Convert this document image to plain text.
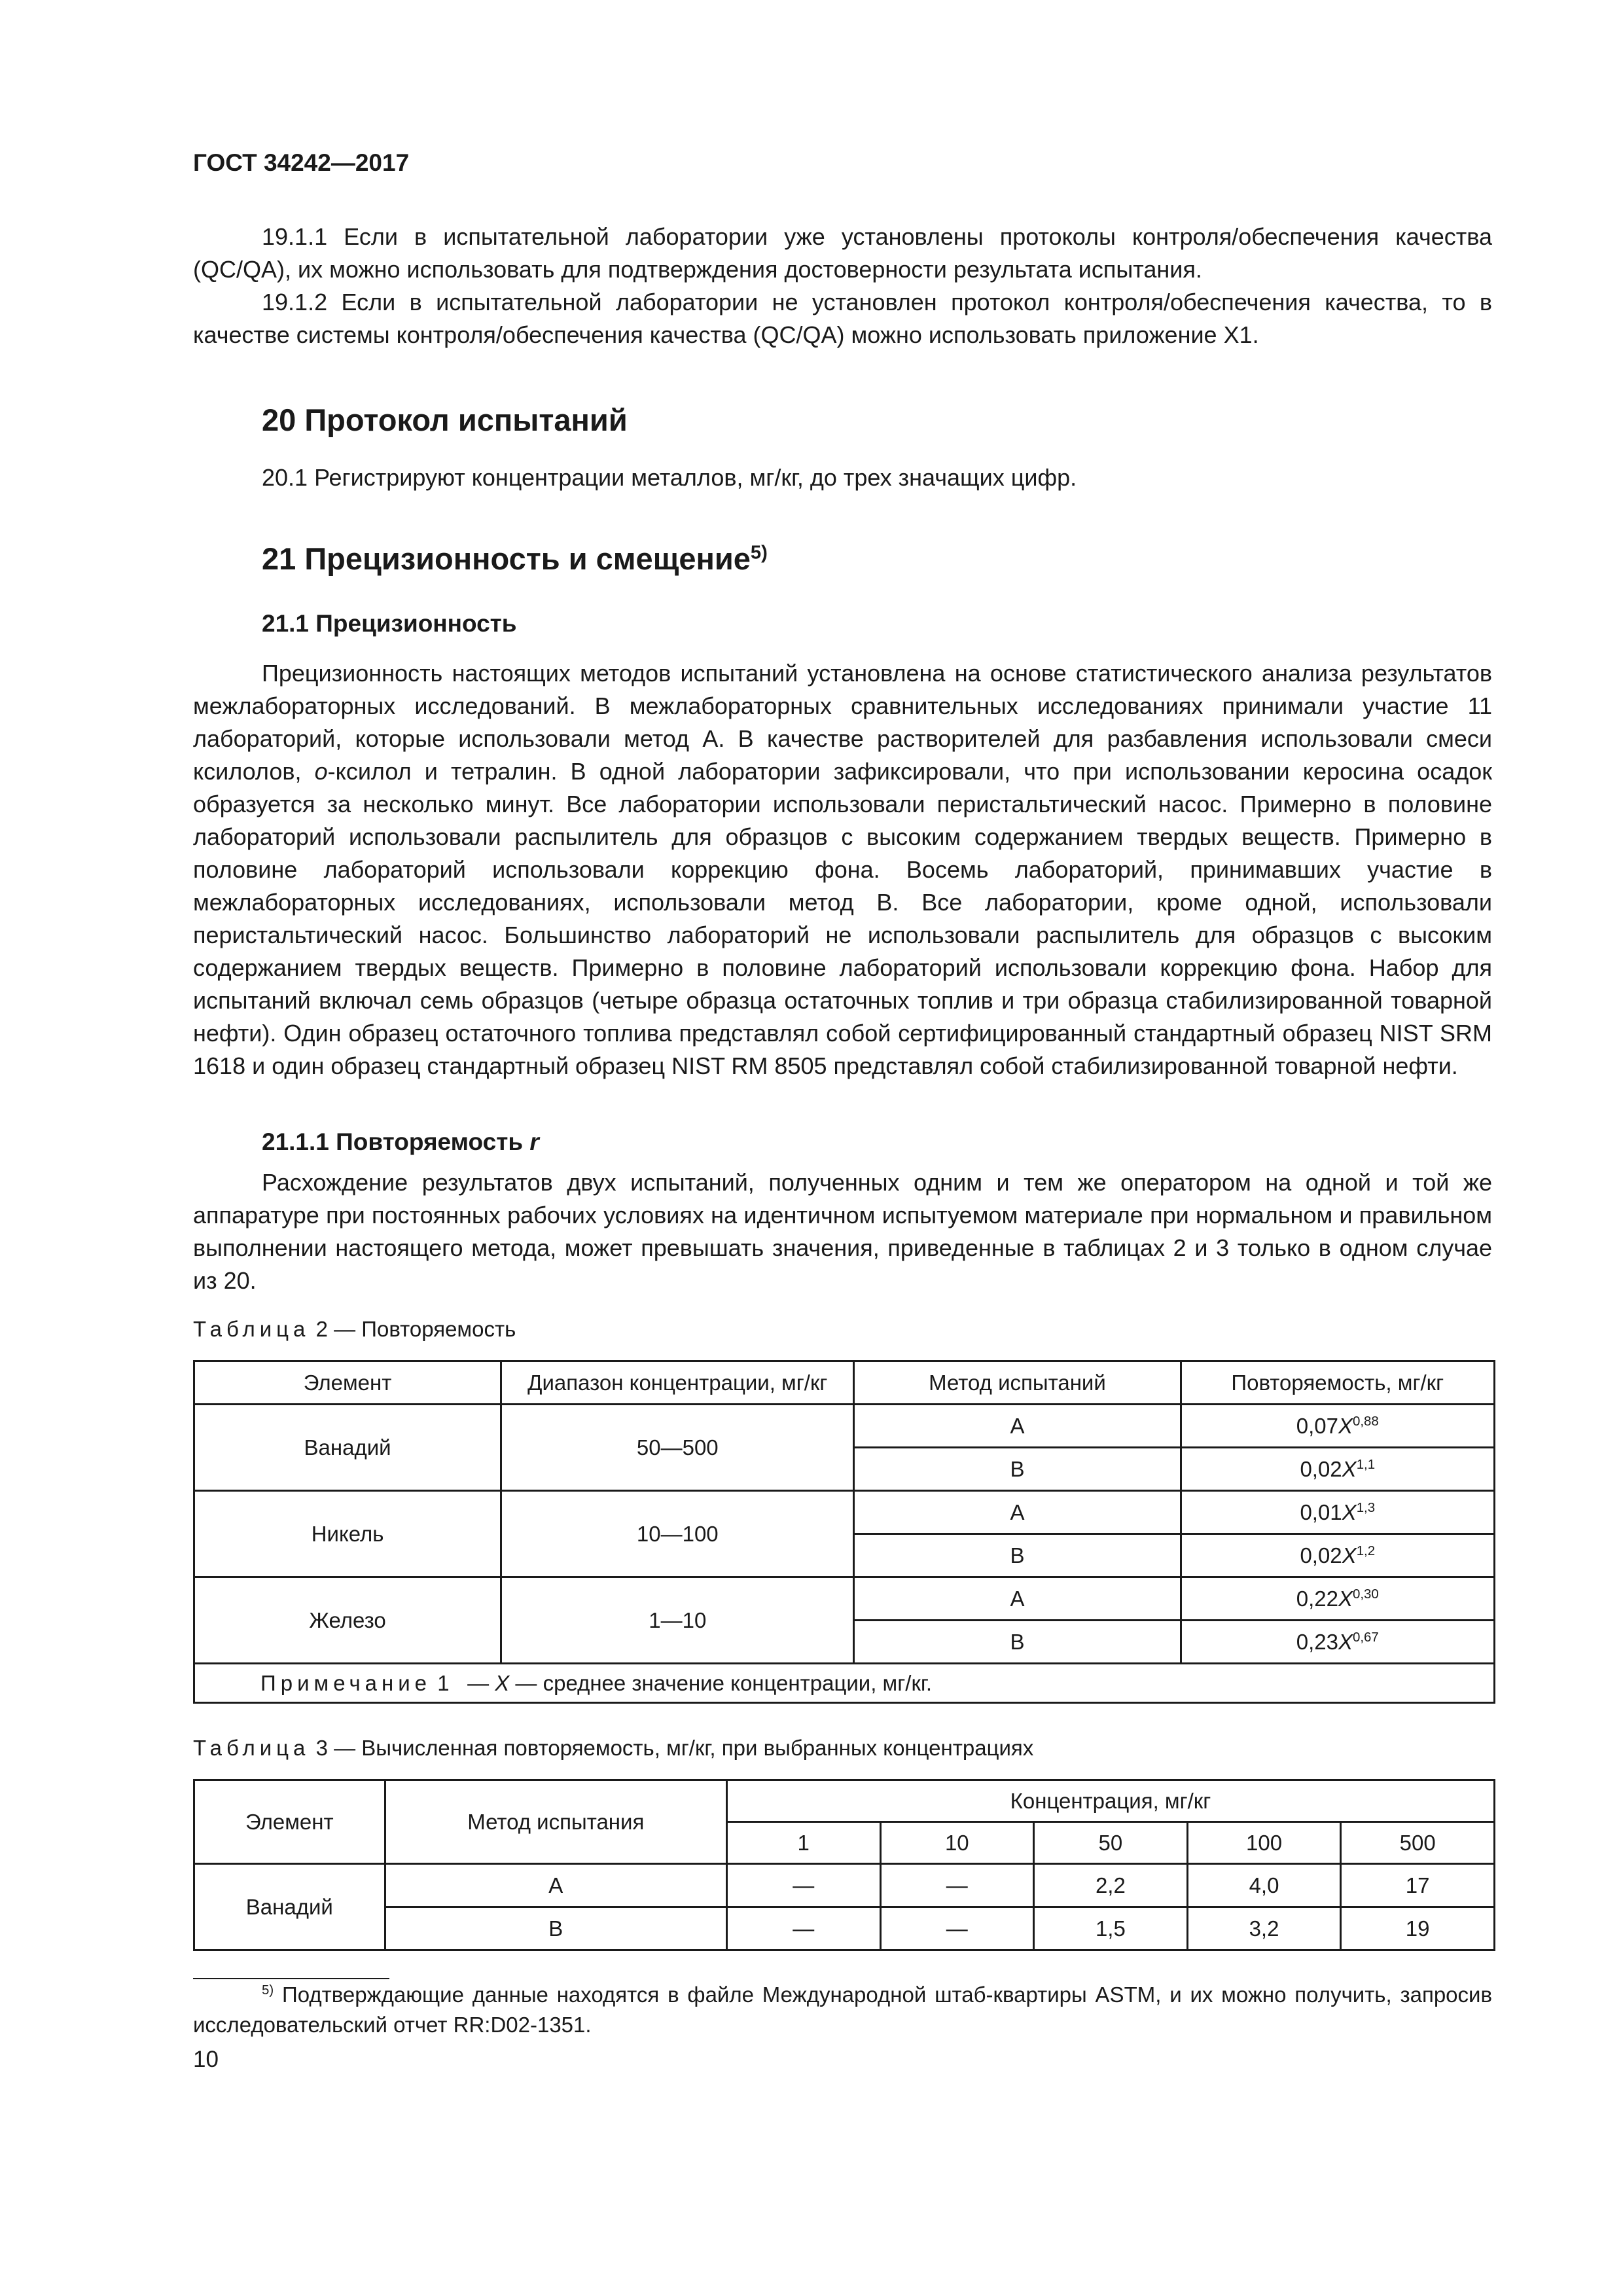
ГОСТ 34242—2017

19.1.1 Если в испытательной лаборатории уже установлены протоколы контроля/обеспечения качества (QC/QA), их можно использовать для подтверждения достоверности результата испытания.

19.1.2 Если в испытательной лаборатории не установлен протокол контроля/обеспечения качества, то в качестве системы контроля/обеспечения качества (QC/QA) можно использовать приложение Х1.

20 Протокол испытаний

20.1 Регистрируют концентрации металлов, мг/кг, до трех значащих цифр.

21 Прецизионность и смещение$^{5)}$
21.1 Прецизионность

Прецизионность настоящих методов испытаний установлена на основе статистического анализа результатов межлабораторных исследований. В межлабораторных сравнительных исследованиях принимали участие 11 лабораторий, которые использовали метод А. В качестве растворителей для разбавления использовали смеси ксилолов, о-ксилол и тетралин. В одной лаборатории зафиксировали, что при использовании керосина осадок образуется за несколько минут. Все лаборатории использовали перистальтический насос. Примерно в половине лабораторий использовали распылитель для образцов с высоким содержанием твердых веществ. Примерно в половине лабораторий использовали коррекцию фона. Восемь лабораторий, принимавших участие в межлабораторных исследованиях, использовали метод В. Все лаборатории, кроме одной, использовали перистальтический насос. Большинство лабораторий не использовали распылитель для образцов с высоким содержанием твердых веществ. Примерно в половине лабораторий использовали коррекцию фона. Набор для испытаний включал семь образцов (четыре образца остаточных топлив и три образца стабилизированной товарной нефти). Один образец остаточного топлива представлял собой сертифицированный стандартный образец NIST SRM 1618 и один образец стандартный образец NIST RM 8505 представлял собой стабилизированной товарной нефти.

21.1.1 Повторяемость r

Расхождение результатов двух испытаний, полученных одним и тем же оператором на одной и той же аппаратуре при постоянных рабочих условиях на идентичном испытуемом материале при нормальном и правильном выполнении настоящего метода, может превышать значения, приведенные в таблицах 2 и 3 только в одном случае из 20.

Таблица 2 — Повторяемость
Элемент	Диапазон концентрации, мг/кг	Метод испытаний	Повторяемость, мг/кг
Ванадий	50—500	А	$0,07X^{0,88}$
		В	$0,02X^{1,1}$
Никель	10—100	А	$0,01X^{1,3}$
		В	$0,02X^{1,2}$
Железо	1—10	А	$0,22X^{0,30}$
		В	$0,23X^{0,67}$
Примечание 1 — X — среднее значение концентрации, мг/кг.			
Таблица 3 — Вычисленная повторяемость, мг/кг, при выбранных концентрациях
Элемент	Метод испытания	Концентрация, мг/кг				
		1	10	50	100	500
Ванадий	А	—	—	2,2	4,0	17
	В	—	—	1,5	3,2	19

$^{5)}$ Подтверждающие данные находятся в файле Международной штаб-квартиры ASTM, и их можно получить, запросив исследовательский отчет RR:D02-1351.

10
